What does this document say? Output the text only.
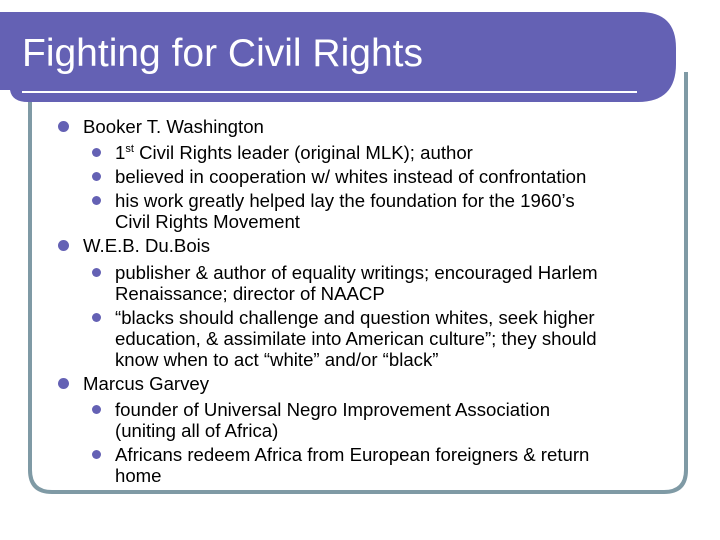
Fighting for Civil Rights
Booker T. Washington
1st Civil Rights leader (original MLK); author
believed in cooperation w/ whites instead of confrontation
his work greatly helped lay the foundation for the 1960’s
Civil Rights Movement
W.E.B. Du.Bois
publisher & author of equality writings; encouraged Harlem
Renaissance; director of NAACP
“blacks should challenge and question whites, seek higher
education, & assimilate into American culture”; they should
know when to act “white” and/or “black”
Marcus Garvey
founder of Universal Negro Improvement Association
(uniting all of Africa)
Africans redeem Africa from European foreigners & return
home
